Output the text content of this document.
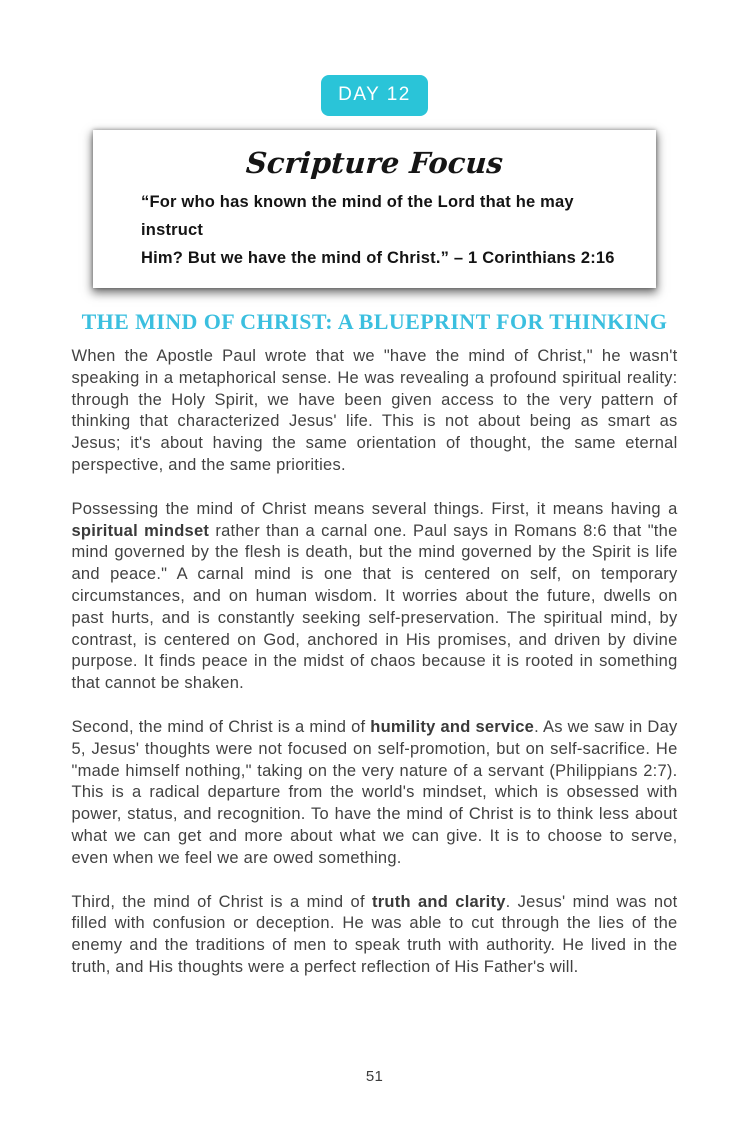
DAY 12
Scripture Focus
“For who has known the mind of the Lord that he may instruct
Him? But we have the mind of Christ.” – 1 Corinthians 2:16
THE MIND OF CHRIST: A BLUEPRINT FOR THINKING

When the Apostle Paul wrote that we "have the mind of Christ," he wasn't speaking in a metaphorical sense. He was revealing a profound spiritual reality: through the Holy Spirit, we have been given access to the very pattern of thinking that characterized Jesus' life. This is not about being as smart as Jesus; it's about having the same orientation of thought, the same eternal perspective, and the same priorities.

Possessing the mind of Christ means several things. First, it means having a spiritual mindset rather than a carnal one. Paul says in Romans 8:6 that "the mind governed by the flesh is death, but the mind governed by the Spirit is life and peace." A carnal mind is one that is centered on self, on temporary circumstances, and on human wisdom. It worries about the future, dwells on past hurts, and is constantly seeking self-preservation. The spiritual mind, by contrast, is centered on God, anchored in His promises, and driven by divine purpose. It finds peace in the midst of chaos because it is rooted in something that cannot be shaken.

Second, the mind of Christ is a mind of humility and service. As we saw in Day 5, Jesus' thoughts were not focused on self-promotion, but on self-sacrifice. He "made himself nothing," taking on the very nature of a servant (Philippians 2:7). This is a radical departure from the world's mindset, which is obsessed with power, status, and recognition. To have the mind of Christ is to think less about what we can get and more about what we can give. It is to choose to serve, even when we feel we are owed something.

Third, the mind of Christ is a mind of truth and clarity. Jesus' mind was not filled with confusion or deception. He was able to cut through the lies of the enemy and the traditions of men to speak truth with authority. He lived in the truth, and His thoughts were a perfect reflection of His Father's will.

51
